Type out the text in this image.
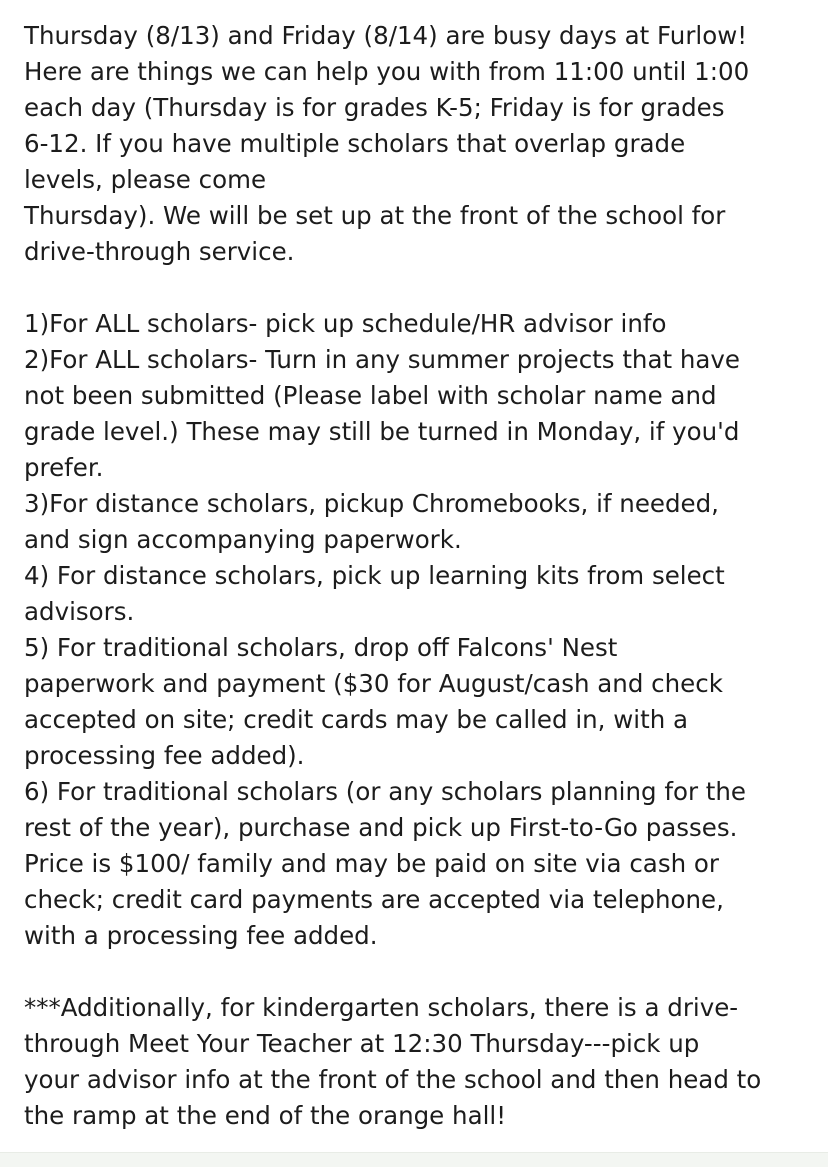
Thursday (8/13) and Friday (8/14) are busy days at Furlow!
Here are things we can help you with from 11:00 until 1:00
each day (Thursday is for grades K-5; Friday is for grades
6-12. If you have multiple scholars that overlap grade
levels, please come
Thursday). We will be set up at the front of the school for
drive-through service.
1)For ALL scholars- pick up schedule/HR advisor info
2)For ALL scholars- Turn in any summer projects that have
not been submitted (Please label with scholar name and
grade level.) These may still be turned in Monday, if you'd
prefer.
3)For distance scholars, pickup Chromebooks, if needed,
and sign accompanying paperwork.
4) For distance scholars, pick up learning kits from select
advisors.
5) For traditional scholars, drop off Falcons' Nest
paperwork and payment ($30 for August/cash and check
accepted on site; credit cards may be called in, with a
processing fee added).
6) For traditional scholars (or any scholars planning for the
rest of the year), purchase and pick up First-to-Go passes.
Price is $100/ family and may be paid on site via cash or
check; credit card payments are accepted via telephone,
with a processing fee added.
***Additionally, for kindergarten scholars, there is a drive-
through Meet Your Teacher at 12:30 Thursday---pick up
your advisor info at the front of the school and then head to
the ramp at the end of the orange hall!
